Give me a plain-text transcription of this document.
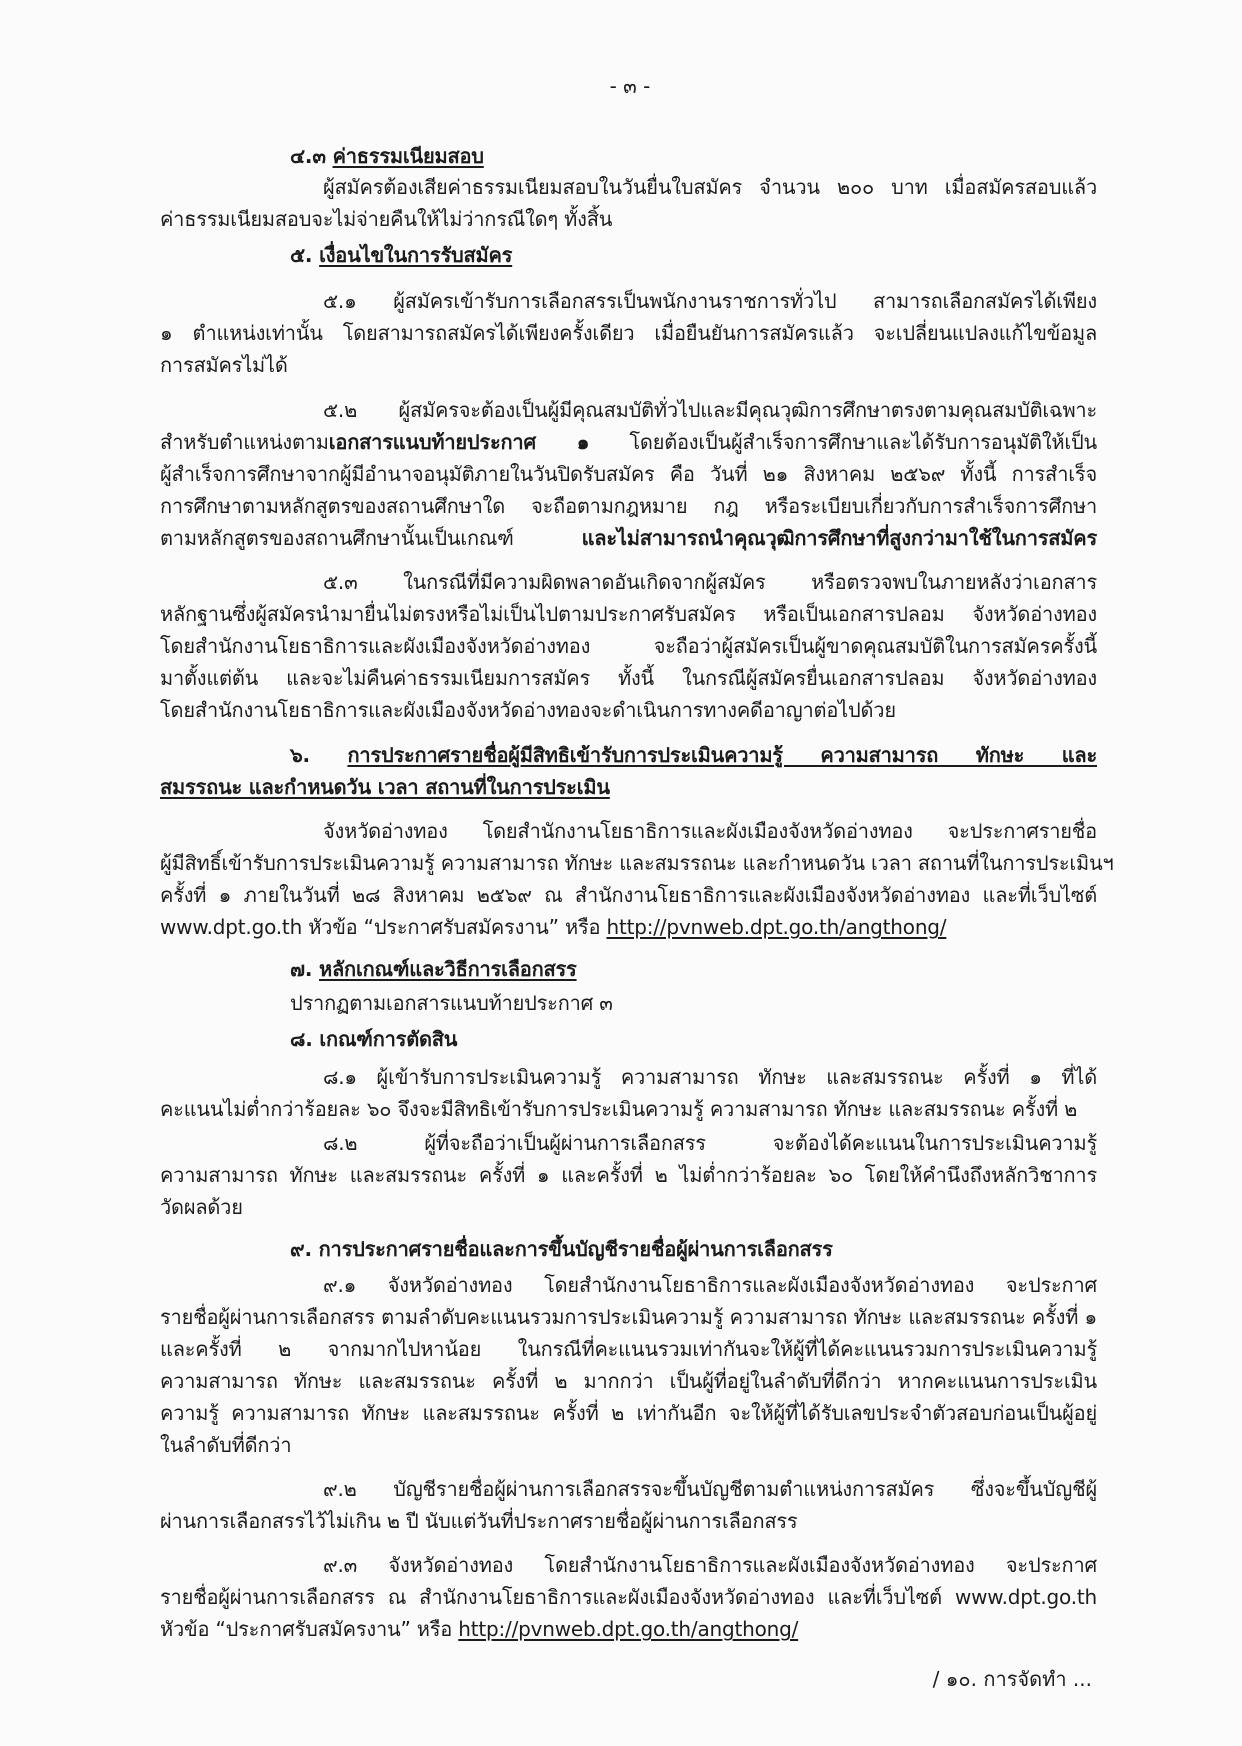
- ๓ -
๔.๓ ค่าธรรมเนียมสอบ
ผู้สมัครต้องเสียค่าธรรมเนียมสอบในวันยื่นใบสมัคร จำนวน ๒๐๐ บาท เมื่อสมัครสอบแล้ว
ค่าธรรมเนียมสอบจะไม่จ่ายคืนให้ไม่ว่ากรณีใดๆ ทั้งสิ้น
๕. เงื่อนไขในการรับสมัคร
๕.๑ ผู้สมัครเข้ารับการเลือกสรรเป็นพนักงานราชการทั่วไป สามารถเลือกสมัครได้เพียง
๑ ตำแหน่งเท่านั้น โดยสามารถสมัครได้เพียงครั้งเดียว เมื่อยืนยันการสมัครแล้ว จะเปลี่ยนแปลงแก้ไขข้อมูล
การสมัครไม่ได้
๕.๒ ผู้สมัครจะต้องเป็นผู้มีคุณสมบัติทั่วไปและมีคุณวุฒิการศึกษาตรงตามคุณสมบัติเฉพาะ
สำหรับตำแหน่งตามเอกสารแนบท้ายประกาศ ๑ โดยต้องเป็นผู้สำเร็จการศึกษาและได้รับการอนุมัติให้เป็น
ผู้สำเร็จการศึกษาจากผู้มีอำนาจอนุมัติภายในวันปิดรับสมัคร คือ วันที่ ๒๑ สิงหาคม ๒๕๖๙ ทั้งนี้ การสำเร็จ
การศึกษาตามหลักสูตรของสถานศึกษาใด จะถือตามกฎหมาย กฎ หรือระเบียบเกี่ยวกับการสำเร็จการศึกษา
ตามหลักสูตรของสถานศึกษานั้นเป็นเกณฑ์ และไม่สามารถนำคุณวุฒิการศึกษาที่สูงกว่ามาใช้ในการสมัคร
๕.๓ ในกรณีที่มีความผิดพลาดอันเกิดจากผู้สมัคร หรือตรวจพบในภายหลังว่าเอกสาร
หลักฐานซึ่งผู้สมัครนำมายื่นไม่ตรงหรือไม่เป็นไปตามประกาศรับสมัคร หรือเป็นเอกสารปลอม จังหวัดอ่างทอง
โดยสำนักงานโยธาธิการและผังเมืองจังหวัดอ่างทอง จะถือว่าผู้สมัครเป็นผู้ขาดคุณสมบัติในการสมัครครั้งนี้
มาตั้งแต่ต้น และจะไม่คืนค่าธรรมเนียมการสมัคร ทั้งนี้ ในกรณีผู้สมัครยื่นเอกสารปลอม จังหวัดอ่างทอง
โดยสำนักงานโยธาธิการและผังเมืองจังหวัดอ่างทองจะดำเนินการทางคดีอาญาต่อไปด้วย
๖. การประกาศรายชื่อผู้มีสิทธิเข้ารับการประเมินความรู้ ความสามารถ ทักษะ และ
สมรรถนะ และกำหนดวัน เวลา สถานที่ในการประเมิน
จังหวัดอ่างทอง โดยสำนักงานโยธาธิการและผังเมืองจังหวัดอ่างทอง จะประกาศรายชื่อ
ผู้มีสิทธิ์เข้ารับการประเมินความรู้ ความสามารถ ทักษะ และสมรรถนะ และกำหนดวัน เวลา สถานที่ในการประเมินฯ
ครั้งที่ ๑ ภายในวันที่ ๒๘ สิงหาคม ๒๕๖๙ ณ สำนักงานโยธาธิการและผังเมืองจังหวัดอ่างทอง และที่เว็บไซต์
www.dpt.go.th หัวข้อ “ประกาศรับสมัครงาน” หรือ http://pvnweb.dpt.go.th/angthong/
๗. หลักเกณฑ์และวิธีการเลือกสรร
ปรากฏตามเอกสารแนบท้ายประกาศ ๓
๘. เกณฑ์การตัดสิน
๘.๑ ผู้เข้ารับการประเมินความรู้ ความสามารถ ทักษะ และสมรรถนะ ครั้งที่ ๑ ที่ได้
คะแนนไม่ต่ำกว่าร้อยละ ๖๐ จึงจะมีสิทธิเข้ารับการประเมินความรู้ ความสามารถ ทักษะ และสมรรถนะ ครั้งที่ ๒
๘.๒ ผู้ที่จะถือว่าเป็นผู้ผ่านการเลือกสรร จะต้องได้คะแนนในการประเมินความรู้
ความสามารถ ทักษะ และสมรรถนะ ครั้งที่ ๑ และครั้งที่ ๒ ไม่ต่ำกว่าร้อยละ ๖๐ โดยให้คำนึงถึงหลักวิชาการ
วัดผลด้วย
๙. การประกาศรายชื่อและการขึ้นบัญชีรายชื่อผู้ผ่านการเลือกสรร
๙.๑ จังหวัดอ่างทอง โดยสำนักงานโยธาธิการและผังเมืองจังหวัดอ่างทอง จะประกาศ
รายชื่อผู้ผ่านการเลือกสรร ตามลำดับคะแนนรวมการประเมินความรู้ ความสามารถ ทักษะ และสมรรถนะ ครั้งที่ ๑
และครั้งที่ ๒ จากมากไปหาน้อย ในกรณีที่คะแนนรวมเท่ากันจะให้ผู้ที่ได้คะแนนรวมการประเมินความรู้
ความสามารถ ทักษะ และสมรรถนะ ครั้งที่ ๒ มากกว่า เป็นผู้ที่อยู่ในลำดับที่ดีกว่า หากคะแนนการประเมิน
ความรู้ ความสามารถ ทักษะ และสมรรถนะ ครั้งที่ ๒ เท่ากันอีก จะให้ผู้ที่ได้รับเลขประจำตัวสอบก่อนเป็นผู้อยู่
ในลำดับที่ดีกว่า
๙.๒ บัญชีรายชื่อผู้ผ่านการเลือกสรรจะขึ้นบัญชีตามตำแหน่งการสมัคร ซึ่งจะขึ้นบัญชีผู้
ผ่านการเลือกสรรไว้ไม่เกิน ๒ ปี นับแต่วันที่ประกาศรายชื่อผู้ผ่านการเลือกสรร
๙.๓ จังหวัดอ่างทอง โดยสำนักงานโยธาธิการและผังเมืองจังหวัดอ่างทอง จะประกาศ
รายชื่อผู้ผ่านการเลือกสรร ณ สำนักงานโยธาธิการและผังเมืองจังหวัดอ่างทอง และที่เว็บไซต์ www.dpt.go.th
หัวข้อ “ประกาศรับสมัครงาน” หรือ http://pvnweb.dpt.go.th/angthong/
/ ๑๐. การจัดทำ ...
